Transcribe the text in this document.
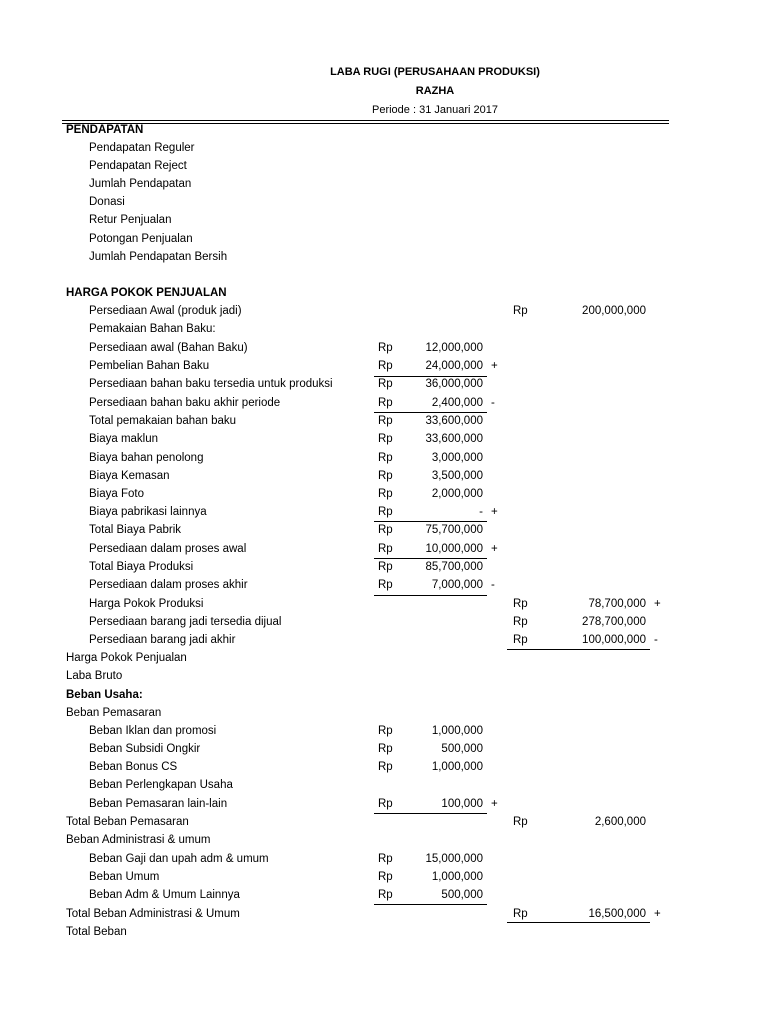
LABA RUGI (PERUSAHAAN PRODUKSI)
RAZHA
Periode : 31 Januari 2017
PENDAPATAN
Pendapatan Reguler
Pendapatan Reject
Jumlah Pendapatan
Donasi
Retur Penjualan
Potongan Penjualan
Jumlah Pendapatan Bersih
HARGA POKOK PENJUALAN
Persediaan Awal (produk jadi)	Rp	200,000,000
Pemakaian Bahan Baku:
Persediaan awal (Bahan Baku)	Rp	12,000,000
Pembelian Bahan Baku	Rp	24,000,000 +
Persediaan bahan baku tersedia untuk produksi	Rp	36,000,000
Persediaan bahan baku akhir periode	Rp	2,400,000 -
Total pemakaian bahan baku	Rp	33,600,000
Biaya maklun	Rp	33,600,000
Biaya bahan penolong	Rp	3,000,000
Biaya Kemasan	Rp	3,500,000
Biaya Foto	Rp	2,000,000
Biaya pabrikasi lainnya	Rp	- +
Total Biaya Pabrik	Rp	75,700,000
Persediaan dalam proses awal	Rp	10,000,000 +
Total Biaya Produksi	Rp	85,700,000
Persediaan dalam proses akhir	Rp	7,000,000 -
Harga Pokok Produksi	Rp	78,700,000 +
Persediaan barang jadi tersedia dijual	Rp	278,700,000
Persediaan barang jadi akhir	Rp	100,000,000 -
Harga Pokok Penjualan
Laba Bruto
Beban Usaha:
Beban Pemasaran
Beban Iklan dan promosi	Rp	1,000,000
Beban Subsidi Ongkir	Rp	500,000
Beban Bonus CS	Rp	1,000,000
Beban Perlengkapan Usaha
Beban Pemasaran lain-lain	Rp	100,000 +
Total Beban Pemasaran	Rp	2,600,000
Beban Administrasi & umum
Beban Gaji dan upah adm & umum	Rp	15,000,000
Beban Umum	Rp	1,000,000
Beban Adm & Umum Lainnya	Rp	500,000
Total Beban Administrasi & Umum	Rp	16,500,000 +
Total Beban
